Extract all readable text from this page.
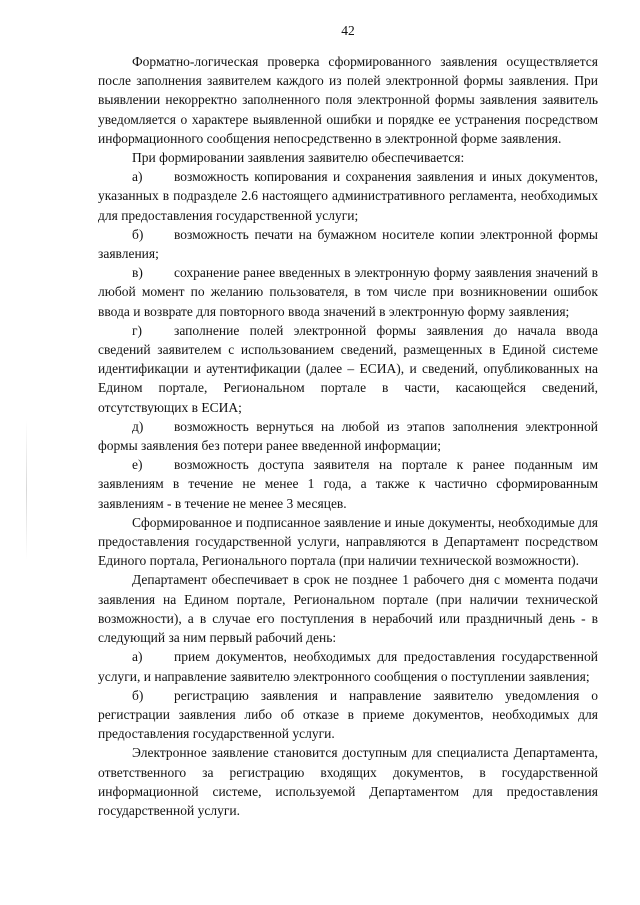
42

Форматно-логическая проверка сформированного заявления осуществляется после заполнения заявителем каждого из полей электронной формы заявления. При выявлении некорректно заполненного поля электронной формы заявления заявитель уведомляется о характере выявленной ошибки и порядке ее устранения посредством информационного сообщения непосредственно в электронной форме заявления.

При формировании заявления заявителю обеспечивается:

а) возможность копирования и сохранения заявления и иных документов, указанных в подразделе 2.6 настоящего административного регламента, необходимых для предоставления государственной услуги;

б) возможность печати на бумажном носителе копии электронной формы заявления;

в) сохранение ранее введенных в электронную форму заявления значений в любой момент по желанию пользователя, в том числе при возникновении ошибок ввода и возврате для повторного ввода значений в электронную форму заявления;

г) заполнение полей электронной формы заявления до начала ввода сведений заявителем с использованием сведений, размещенных в Единой системе идентификации и аутентификации (далее – ЕСИА), и сведений, опубликованных на Едином портале, Региональном портале в части, касающейся сведений, отсутствующих в ЕСИА;

д) возможность вернуться на любой из этапов заполнения электронной формы заявления без потери ранее введенной информации;

е) возможность доступа заявителя на портале к ранее поданным им заявлениям в течение не менее 1 года, а также к частично сформированным заявлениям - в течение не менее 3 месяцев.

Сформированное и подписанное заявление и иные документы, необходимые для предоставления государственной услуги, направляются в Департамент посредством Единого портала, Регионального портала (при наличии технической возможности).

Департамент обеспечивает в срок не позднее 1 рабочего дня с момента подачи заявления на Едином портале, Региональном портале (при наличии технической возможности), а в случае его поступления в нерабочий или праздничный день - в следующий за ним первый рабочий день:

а) прием документов, необходимых для предоставления государственной услуги, и направление заявителю электронного сообщения о поступлении заявления;

б) регистрацию заявления и направление заявителю уведомления о регистрации заявления либо об отказе в приеме документов, необходимых для предоставления государственной услуги.

Электронное заявление становится доступным для специалиста Департамента, ответственного за регистрацию входящих документов, в государственной информационной системе, используемой Департаментом для предоставления государственной услуги.
